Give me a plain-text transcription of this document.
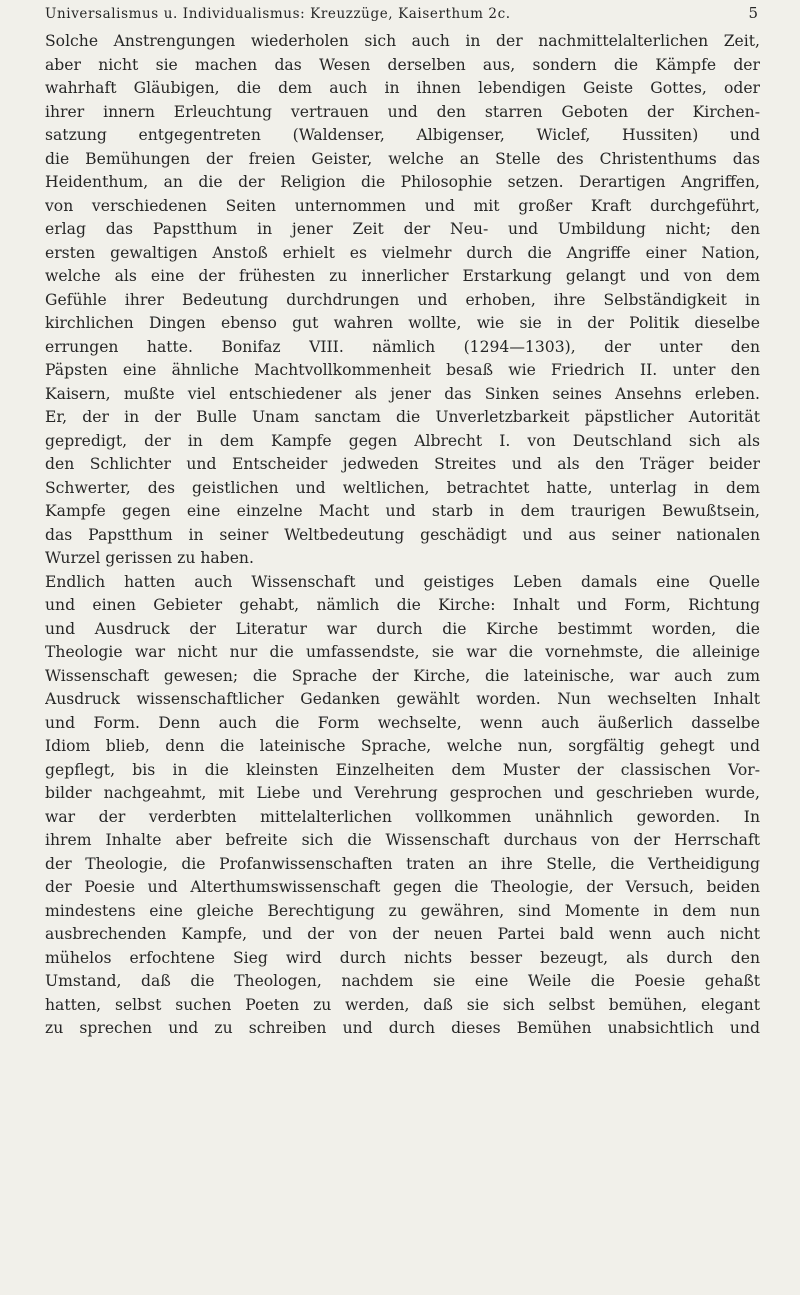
Universalismus u. Individualismus: Kreuzzüge, Kaiserthum 2c.	5
Solche Anstrengungen wiederholen sich auch in der nachmittelalterlichen Zeit,
aber nicht sie machen das Wesen derselben aus, sondern die Kämpfe der
wahrhaft Gläubigen, die dem auch in ihnen lebendigen Geiste Gottes, oder
ihrer innern Erleuchtung vertrauen und den starren Geboten der Kirchen-
satzung entgegentreten (Waldenser, Albigenser, Wiclef, Hussiten) und
die Bemühungen der freien Geister, welche an Stelle des Christenthums das
Heidenthum, an die der Religion die Philosophie setzen. Derartigen Angriffen,
von verschiedenen Seiten unternommen und mit großer Kraft durchgeführt,
erlag das Papstthum in jener Zeit der Neu- und Umbildung nicht; den
ersten gewaltigen Anstoß erhielt es vielmehr durch die Angriffe einer Nation,
welche als eine der frühesten zu innerlicher Erstarkung gelangt und von dem
Gefühle ihrer Bedeutung durchdrungen und erhoben, ihre Selbständigkeit in
kirchlichen Dingen ebenso gut wahren wollte, wie sie in der Politik dieselbe
errungen hatte. Bonifaz VIII. nämlich (1294—1303), der unter den
Päpsten eine ähnliche Machtvollkommenheit besaß wie Friedrich II. unter den
Kaisern, mußte viel entschiedener als jener das Sinken seines Ansehns erleben.
Er, der in der Bulle Unam sanctam die Unverletzbarkeit päpstlicher Autorität
gepredigt, der in dem Kampfe gegen Albrecht I. von Deutschland sich als
den Schlichter und Entscheider jedweden Streites und als den Träger beider
Schwerter, des geistlichen und weltlichen, betrachtet hatte, unterlag in dem
Kampfe gegen eine einzelne Macht und starb in dem traurigen Bewußtsein,
das Papstthum in seiner Weltbedeutung geschädigt und aus seiner nationalen
Wurzel gerissen zu haben.
Endlich hatten auch Wissenschaft und geistiges Leben damals eine Quelle
und einen Gebieter gehabt, nämlich die Kirche: Inhalt und Form, Richtung
und Ausdruck der Literatur war durch die Kirche bestimmt worden, die
Theologie war nicht nur die umfassendste, sie war die vornehmste, die alleinige
Wissenschaft gewesen; die Sprache der Kirche, die lateinische, war auch zum
Ausdruck wissenschaftlicher Gedanken gewählt worden. Nun wechselten Inhalt
und Form. Denn auch die Form wechselte, wenn auch äußerlich dasselbe
Idiom blieb, denn die lateinische Sprache, welche nun, sorgfältig gehegt und
gepflegt, bis in die kleinsten Einzelheiten dem Muster der classischen Vor-
bilder nachgeahmt, mit Liebe und Verehrung gesprochen und geschrieben wurde,
war der verderbten mittelalterlichen vollkommen unähnlich geworden. In
ihrem Inhalte aber befreite sich die Wissenschaft durchaus von der Herrschaft
der Theologie, die Profanwissenschaften traten an ihre Stelle, die Vertheidigung
der Poesie und Alterthumswissenschaft gegen die Theologie, der Versuch, beiden
mindestens eine gleiche Berechtigung zu gewähren, sind Momente in dem nun
ausbrechenden Kampfe, und der von der neuen Partei bald wenn auch nicht
mühelos erfochtene Sieg wird durch nichts besser bezeugt, als durch den
Umstand, daß die Theologen, nachdem sie eine Weile die Poesie gehaßt
hatten, selbst suchen Poeten zu werden, daß sie sich selbst bemühen, elegant
zu sprechen und zu schreiben und durch dieses Bemühen unabsichtlich und
